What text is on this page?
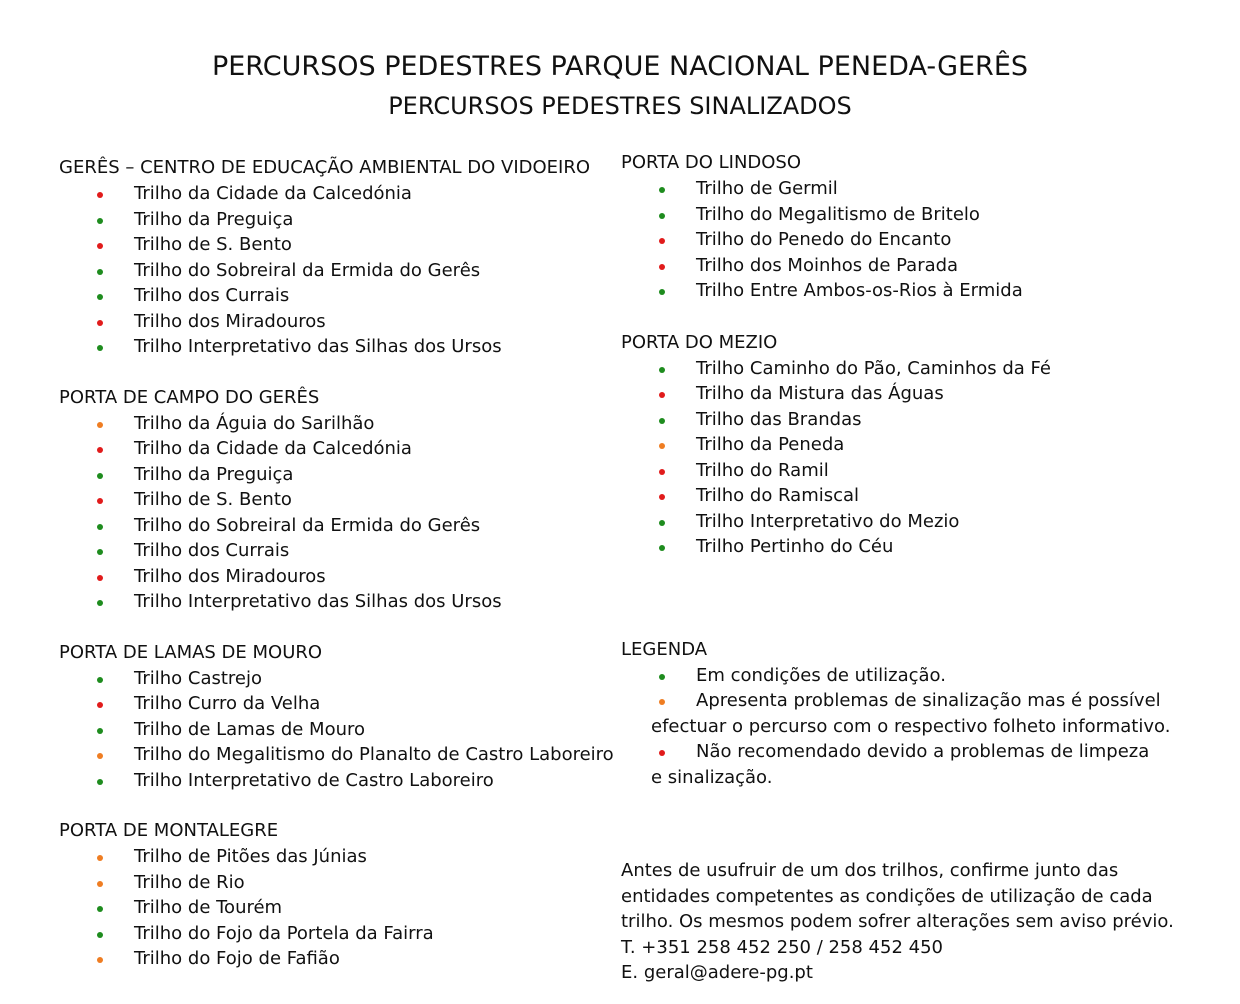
PERCURSOS PEDESTRES PARQUE NACIONAL PENEDA-GERÊS
PERCURSOS PEDESTRES SINALIZADOS
GERÊS – CENTRO DE EDUCAÇÃO AMBIENTAL DO VIDOEIRO
Trilho da Cidade da Calcedónia
Trilho da Preguiça
Trilho de S. Bento
Trilho do Sobreiral da Ermida do Gerês
Trilho dos Currais
Trilho dos Miradouros
Trilho Interpretativo das Silhas dos Ursos
PORTA DE CAMPO DO GERÊS
Trilho da Águia do Sarilhão
Trilho da Cidade da Calcedónia
Trilho da Preguiça
Trilho de S. Bento
Trilho do Sobreiral da Ermida do Gerês
Trilho dos Currais
Trilho dos Miradouros
Trilho Interpretativo das Silhas dos Ursos
PORTA DE LAMAS DE MOURO
Trilho Castrejo
Trilho Curro da Velha
Trilho de Lamas de Mouro
Trilho do Megalitismo do Planalto de Castro Laboreiro
Trilho Interpretativo de Castro Laboreiro
PORTA DE MONTALEGRE
Trilho de Pitões das Júnias
Trilho de Rio
Trilho de Tourém
Trilho do Fojo da Portela da Fairra
Trilho do Fojo de Fafião
PORTA DO LINDOSO
Trilho de Germil
Trilho do Megalitismo de Britelo
Trilho do Penedo do Encanto
Trilho dos Moinhos de Parada
Trilho Entre Ambos-os-Rios à Ermida
PORTA DO MEZIO
Trilho Caminho do Pão, Caminhos da Fé
Trilho da Mistura das Águas
Trilho das Brandas
Trilho da Peneda
Trilho do Ramil
Trilho do Ramiscal
Trilho Interpretativo do Mezio
Trilho Pertinho do Céu
LEGENDA
Em condições de utilização.
Apresenta problemas de sinalização mas é possível efectuar o percurso com o respectivo folheto informativo.
Não recomendado devido a problemas de limpeza e sinalização.

Antes de usufruir de um dos trilhos, confirme junto das entidades competentes as condições de utilização de cada trilho. Os mesmos podem sofrer alterações sem aviso prévio.

T. +351 258 452 250 / 258 452 450

E. geral@adere-pg.pt
